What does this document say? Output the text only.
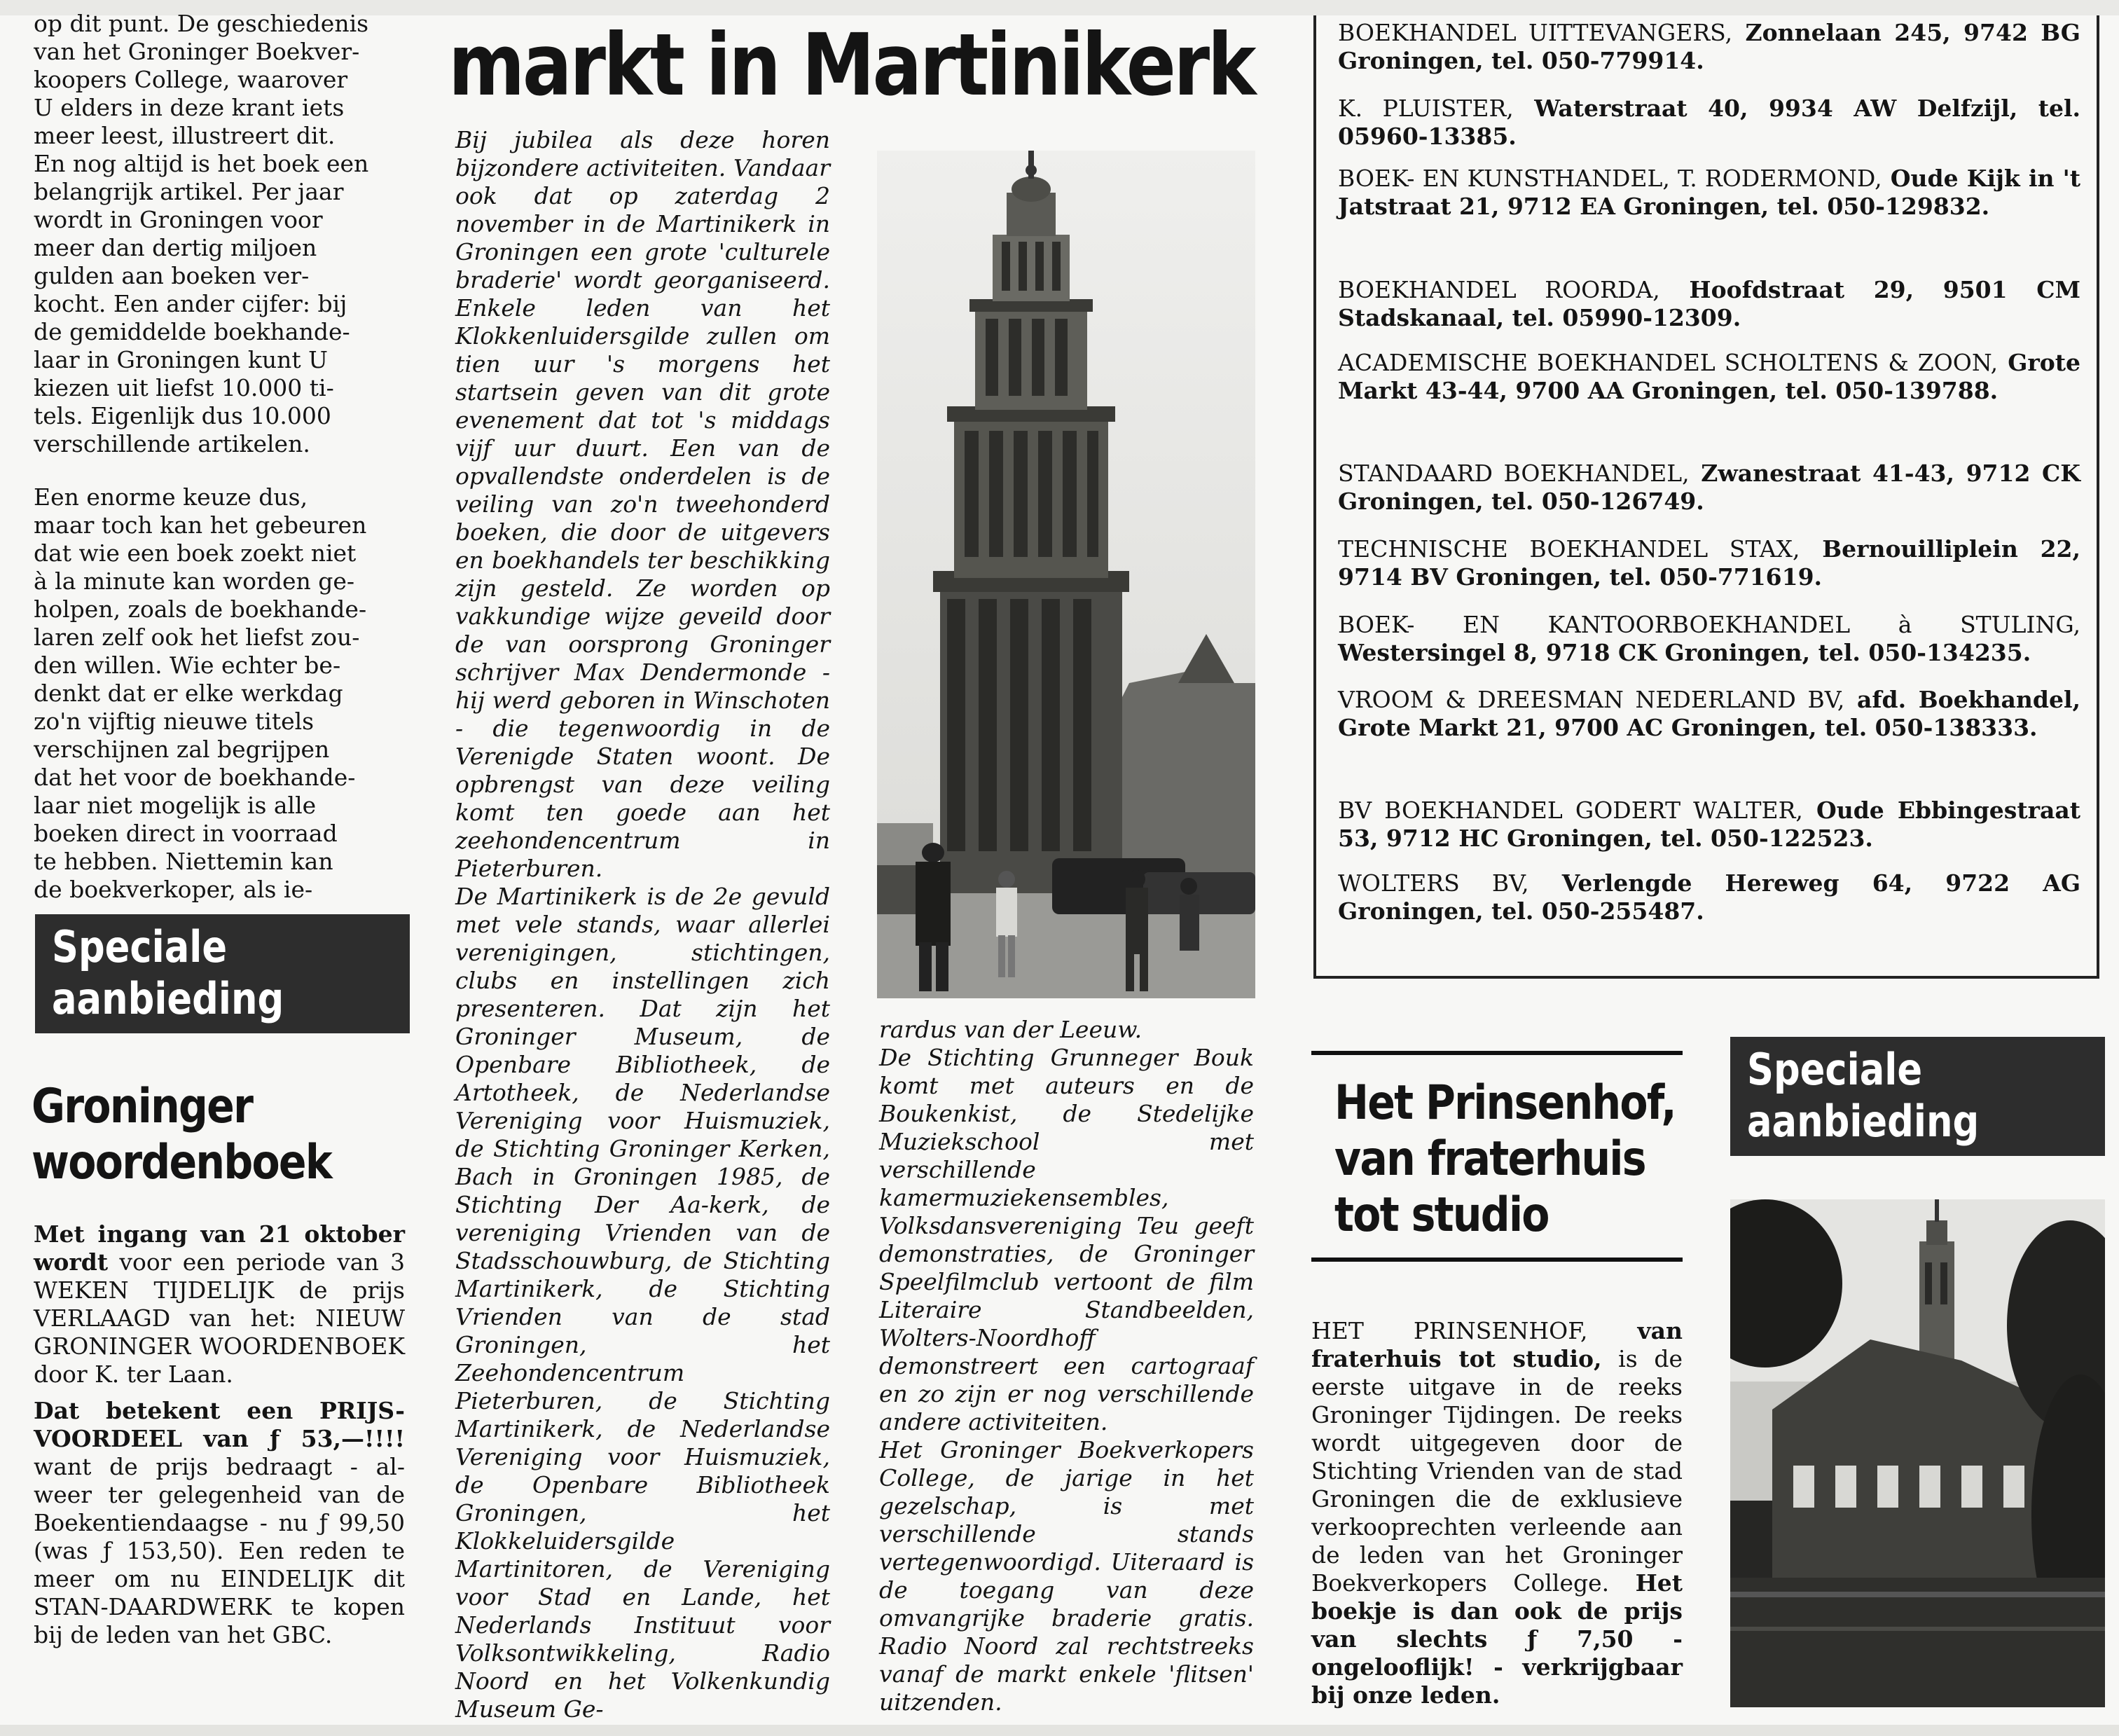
op dit punt. De geschiedenis
van het Groninger Boekver-
koopers College, waarover
U elders in deze krant iets
meer leest, illustreert dit.
En nog altijd is het boek een
belangrijk artikel. Per jaar
wordt in Groningen voor
meer dan dertig miljoen
gulden aan boeken ver-
kocht. Een ander cijfer: bij
de gemiddelde boekhande-
laar in Groningen kunt U
kiezen uit liefst 10.000 ti-
tels. Eigenlijk dus 10.000
verschillende artikelen.
Een enorme keuze dus,
maar toch kan het gebeuren
dat wie een boek zoekt niet
à la minute kan worden ge-
holpen, zoals de boekhande-
laren zelf ook het liefst zou-
den willen. Wie echter be-
denkt dat er elke werkdag
zo'n vijftig nieuwe titels
verschijnen zal begrijpen
dat het voor de boekhande-
laar niet mogelijk is alle
boeken direct in voorraad
te hebben. Niettemin kan
de boekverkoper, als ie-
Speciale
aanbieding
Groninger
woordenboek

Met ingang van 21 oktober wordt voor een periode van 3 WEKEN TIJDELIJK de prijs VERLAAGD van het: NIEUW GRONINGER WOORDENBOEK door K. ter Laan.

Dat betekent een PRIJS-VOORDEEL van ƒ 53,—!!!! want de prijs bedraagt - al-weer ter gelegenheid van de Boekentiendaagse - nu ƒ 99,50 (was ƒ 153,50). Een reden te meer om nu EINDELIJK dit STAN-DAARDWERK te kopen bij de leden van het GBC.

markt in Martinikerk

Bij jubilea als deze horen bijzondere activiteiten. Vandaar ook dat op zaterdag 2 november in de Martinikerk in Groningen een grote 'culturele braderie' wordt georganiseerd. Enkele leden van het Klokkenluidersgilde zullen om tien uur 's morgens het startsein geven van dit grote evenement dat tot 's middags vijf uur duurt. Een van de opvallendste onderdelen is de veiling van zo'n tweehonderd boeken, die door de uitgevers en boekhandels ter beschikking zijn gesteld. Ze worden op vakkundige wijze geveild door de van oorsprong Groninger schrijver Max Dendermonde - hij werd geboren in Winschoten - die tegenwoordig in de Verenigde Staten woont. De opbrengst van deze veiling komt ten goede aan het zeehondencentrum in Pieterburen.

De Martinikerk is de 2e gevuld met vele stands, waar allerlei verenigingen, stichtingen, clubs en instellingen zich presenteren. Dat zijn het Groninger Museum, de Openbare Bibliotheek, de Artotheek, de Nederlandse Vereniging voor Huismuziek, de Stichting Groninger Kerken, Bach in Groningen 1985, de Stichting Der Aa-kerk, de vereniging Vrienden van de Stadsschouwburg, de Stichting Martinikerk, de Stichting Vrienden van de stad Groningen, het Zeehondencentrum Pieterburen, de Stichting Martinikerk, de Nederlandse Vereniging voor Huismuziek, de Openbare Bibliotheek Groningen, het Klokkeluidersgilde Martinitoren, de Vereniging voor Stad en Lande, het Nederlands Instituut voor Volksontwikkeling, Radio Noord en het Volkenkundig Museum Ge-

rardus van der Leeuw.

De Stichting Grunneger Bouk komt met auteurs en de Boukenkist, de Stedelijke Muziekschool met verschillende kamermuziekensembles, Volksdansvereniging Teu geeft demonstraties, de Groninger Speelfilmclub vertoont de film Literaire Standbeelden, Wolters-Noordhoff demonstreert een cartograaf en zo zijn er nog verschillende andere activiteiten.

Het Groninger Boekverkopers College, de jarige in het gezelschap, is met verschillende stands vertegenwoordigd. Uiteraard is de toegang van deze omvangrijke braderie gratis. Radio Noord zal rechtstreeks vanaf de markt enkele 'flitsen' uitzenden.

BOEKHANDEL UITTEVANGERS, Zonnelaan 245, 9742 BG Groningen, tel. 050-779914.
K. PLUISTER, Waterstraat 40, 9934 AW Delfzijl, tel. 05960-13385.
BOEK- EN KUNSTHANDEL, T. RODERMOND, Oude Kijk in 't Jatstraat 21, 9712 EA Groningen, tel. 050-129832.
BOEKHANDEL ROORDA, Hoofdstraat 29, 9501 CM Stadskanaal, tel. 05990-12309.
ACADEMISCHE BOEKHANDEL SCHOLTENS & ZOON, Grote Markt 43-44, 9700 AA Groningen, tel. 050-139788.
STANDAARD BOEKHANDEL, Zwanestraat 41-43, 9712 CK Groningen, tel. 050-126749.
TECHNISCHE BOEKHANDEL STAX, Bernouilliplein 22, 9714 BV Groningen, tel. 050-771619.
BOEK- EN KANTOORBOEKHANDEL à STULING, Westersingel 8, 9718 CK Groningen, tel. 050-134235.
VROOM & DREESMAN NEDERLAND BV, afd. Boekhandel, Grote Markt 21, 9700 AC Groningen, tel. 050-138333.
BV BOEKHANDEL GODERT WALTER, Oude Ebbingestraat 53, 9712 HC Groningen, tel. 050-122523.
WOLTERS BV, Verlengde Hereweg 64, 9722 AG Groningen, tel. 050-255487.
Het Prinsenhof,
van fraterhuis
tot studio

HET PRINSENHOF, van fraterhuis tot studio, is de eerste uitgave in de reeks Groninger Tijdingen. De reeks wordt uitgegeven door de Stichting Vrienden van de stad Groningen die de exklusieve verkooprechten verleende aan de leden van het Groninger Boekverkopers College. Het boekje is dan ook de prijs van slechts ƒ 7,50 - ongelooflijk! - verkrijgbaar bij onze leden.

Speciale
aanbieding
